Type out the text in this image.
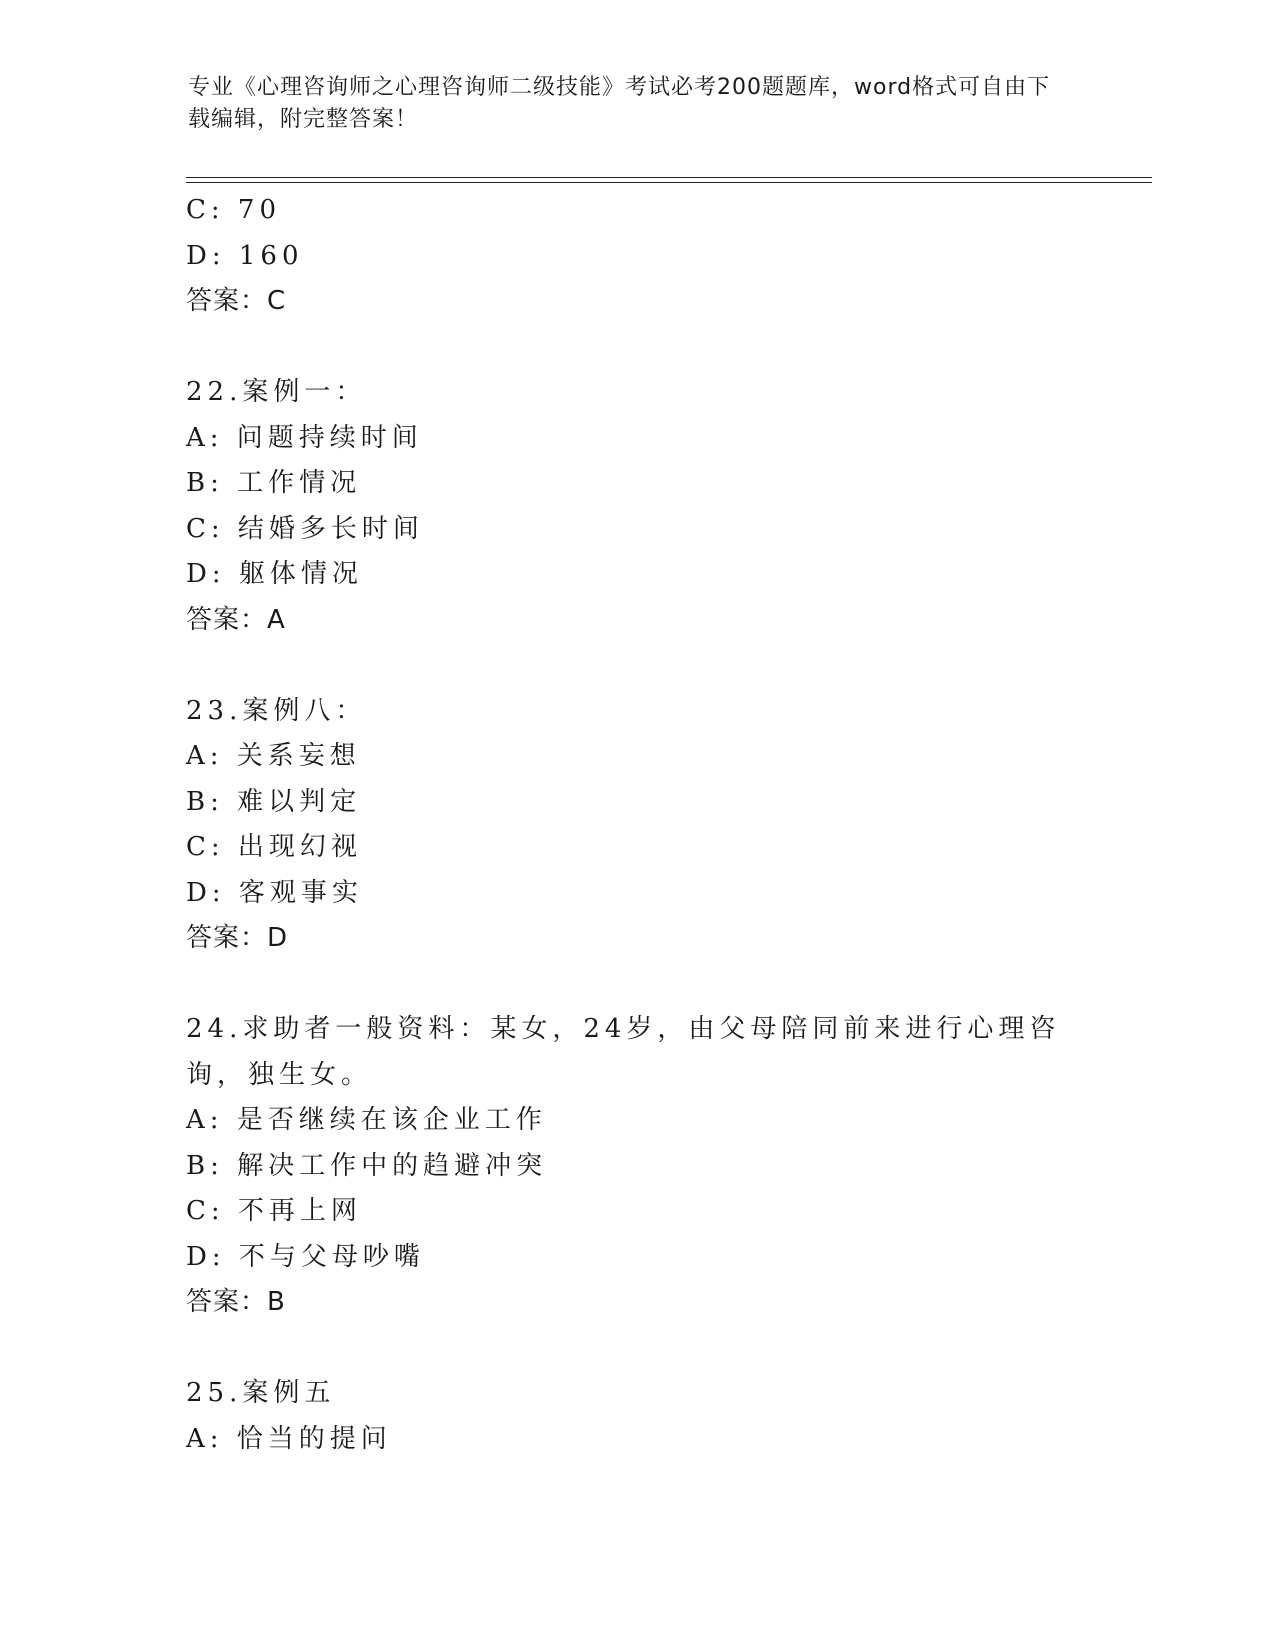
专业《心理咨询师之心理咨询师二级技能》考试必考200题题库，word格式可自由下载编辑，附完整答案！
C: 70
D: 160
答案：C
22.案例一：
A: 问题持续时间
B: 工作情况
C: 结婚多长时间
D: 躯体情况
答案：A
23.案例八：
A: 关系妄想
B: 难以判定
C: 出现幻视
D: 客观事实
答案：D
24.求助者一般资料：某女，24岁，由父母陪同前来进行心理咨询，独生女。
A: 是否继续在该企业工作
B: 解决工作中的趋避冲突
C: 不再上网
D: 不与父母吵嘴
答案：B
25.案例五
A: 恰当的提问
